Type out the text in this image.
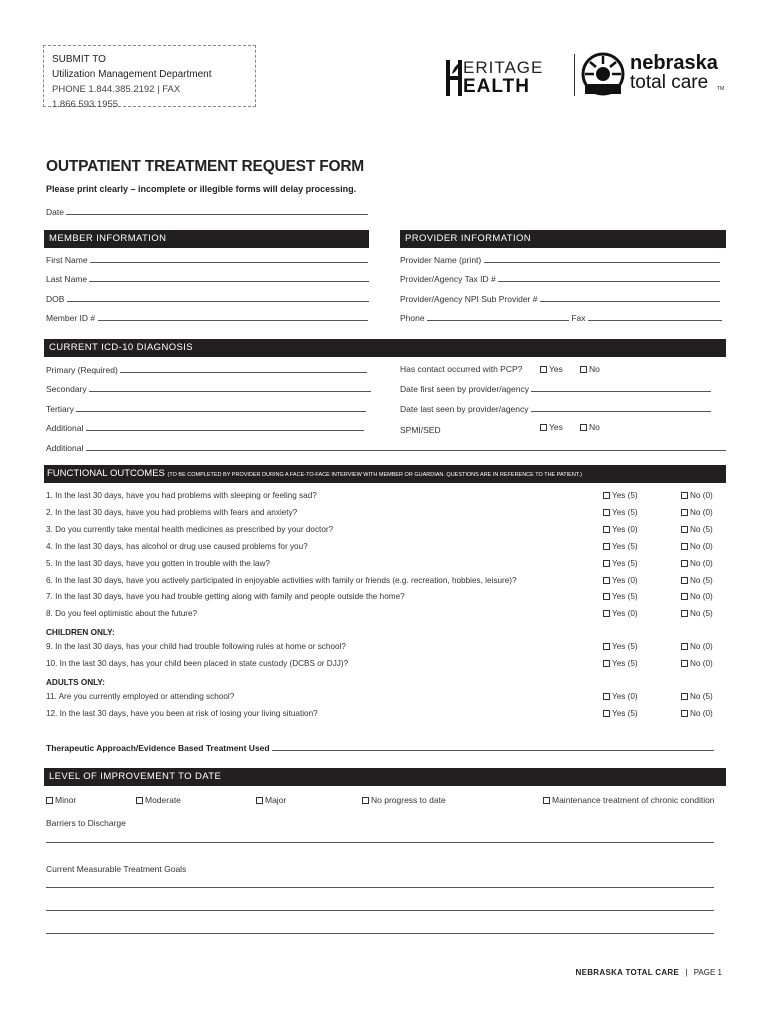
SUBMIT TO
Utilization Management Department
PHONE 1.844.385.2192 | FAX 1.866.593.1955
ERITAGE
EALTH
nebraska
total care TM
OUTPATIENT TREATMENT REQUEST FORM
Please print clearly – incomplete or illegible forms will delay processing.
Date
MEMBER INFORMATION
First Name
Last Name
DOB
Member ID #
PROVIDER INFORMATION
Provider Name (print)
Provider/Agency Tax ID #
Provider/Agency NPI Sub Provider #
Phone	Fax
CURRENT ICD-10 DIAGNOSIS
Primary (Required)
Secondary
Tertiary
Additional
Additional
Has contact occurred with PCP?	Yes	No
Date first seen by provider/agency
Date last seen by provider/agency
SPMI/SED	Yes	No
FUNCTIONAL OUTCOMES (TO BE COMPLETED BY PROVIDER DURING A FACE-TO-FACE INTERVIEW WITH MEMBER OR GUARDIAN. QUESTIONS ARE IN REFERENCE TO THE PATIENT.)
1. In the last 30 days, have you had problems with sleeping or feeling sad?	Yes (5)	No (0)
2. In the last 30 days, have you had problems with fears and anxiety?	Yes (5)	No (0)
3. Do you currently take mental health medicines as prescribed by your doctor?	Yes (0)	No (5)
4. In the last 30 days, has alcohol or drug use caused problems for you?	Yes (5)	No (0)
5. In the last 30 days, have you gotten in trouble with the law?	Yes (5)	No (0)
6. In the last 30 days, have you actively participated in enjoyable activities with family or friends (e.g. recreation, hobbies, leisure)?	Yes (0)	No (5)
7. In the last 30 days, have you had trouble getting along with family and people outside the home?	Yes (5)	No (0)
8. Do you feel optimistic about the future?	Yes (0)	No (5)
CHILDREN ONLY:
9. In the last 30 days, has your child had trouble following rules at home or school?	Yes (5)	No (0)
10. In the last 30 days, has your child been placed in state custody (DCBS or DJJ)?	Yes (5)	No (0)
ADULTS ONLY:
11. Are you currently employed or attending school?	Yes (0)	No (5)
12. In the last 30 days, have you been at risk of losing your living situation?	Yes (5)	No (0)
Therapeutic Approach/Evidence Based Treatment Used
LEVEL OF IMPROVEMENT TO DATE
Minor	Moderate	Major	No progress to date	Maintenance treatment of chronic condition
Barriers to Discharge
Current Measurable Treatment Goals
NEBRASKA TOTAL CARE | PAGE 1
